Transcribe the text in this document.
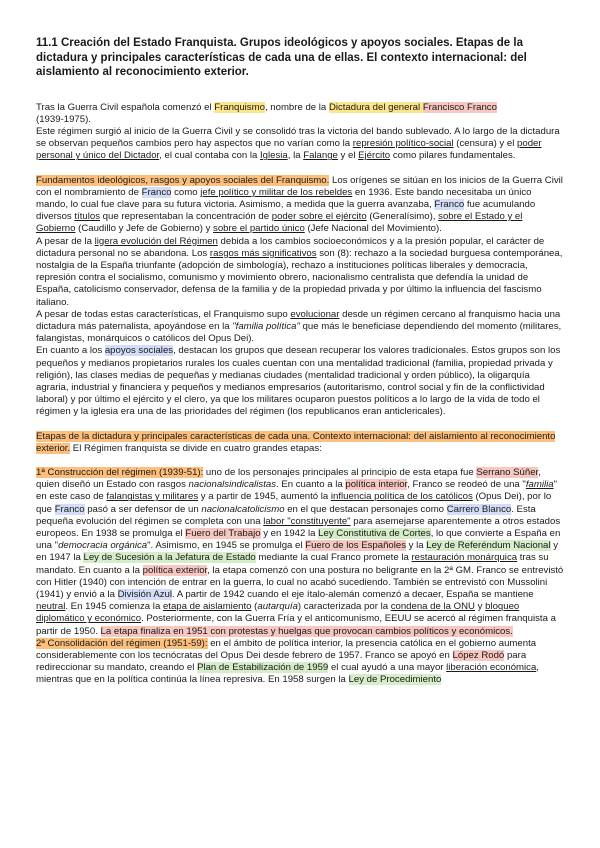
11.1 Creación del Estado Franquista. Grupos ideológicos y apoyos sociales. Etapas de la dictadura y principales características de cada una de ellas. El contexto internacional: del aislamiento al reconocimiento exterior.

Tras la Guerra Civil española comenzó el Franquismo, nombre de la Dictadura del general Francisco Franco
(1939-1975).
Este régimen surgió al inicio de la Guerra Civil y se consolidó tras la victoria del bando sublevado. A lo largo de la dictadura se observan pequeños cambios pero hay aspectos que no varían como la represión político-social (censura) y el poder personal y único del Dictador, el cual contaba con la Iglesia, la Falange y el Ejército como pilares fundamentales.

Fundamentos ideológicos, rasgos y apoyos sociales del Franquismo. Los orígenes se sitúan en los inicios de la Guerra Civil con el nombramiento de Franco como jefe político y militar de los rebeldes en 1936. Este bando necesitaba un único mando, lo cual fue clave para su futura victoria. Asimismo, a medida que la guerra avanzaba, Franco fue acumulando diversos títulos que representaban la concentración de poder sobre el ejército (Generalísimo), sobre el Estado y el Gobierno (Caudillo y Jefe de Gobierno) y sobre el partido único (Jefe Nacional del Movimiento).
A pesar de la ligera evolución del Régimen debida a los cambios socioeconómicos y a la presión popular, el carácter de dictadura personal no se abandona. Los rasgos más significativos son (8): rechazo a la sociedad burguesa contemporánea, nostalgia de la España triunfante (adopción de simbología), rechazo a instituciones políticas liberales y democracia, represión contra el socialismo, comunismo y movimiento obrero, nacionalismo centralista que defendía la unidad de España, catolicismo conservador, defensa de la familia y de la propiedad privada y por último la influencia del fascismo italiano.
A pesar de todas estas características, el Franquismo supo evolucionar desde un régimen cercano al franquismo hacia una dictadura más paternalista, apoyándose en la "familia política" que más le beneficiase dependiendo del momento (militares, falangistas, monárquicos o católicos del Opus Dei).
En cuanto a los apoyos sociales, destacan los grupos que desean recuperar los valores tradicionales. Estos grupos son los pequeños y medianos propietarios rurales los cuales cuentan con una mentalidad tradicional (familia, propiedad privada y religión), las clases medias de pequeñas y medianas ciudades (mentalidad tradicional y orden público), la oligarquía agraria, industrial y financiera y pequeños y medianos empresarios (autoritarismo, control social y fin de la conflictividad laboral) y por último el ejército y el clero, ya que los militares ocuparon puestos políticos a lo largo de la vida de todo el régimen y la iglesia era una de las prioridades del régimen (los republicanos eran anticlericales).

Etapas de la dictadura y principales características de cada una. Contexto internacional: del aislamiento al reconocimiento exterior. El Régimen franquista se divide en cuatro grandes etapas:

1ª Construcción del régimen (1939-51): uno de los personajes principales al principio de esta etapa fue Serrano Súñer, quien diseñó un Estado con rasgos nacionalsindicalistas. En cuanto a la política interior, Franco se reodeó de una "familia" en este caso de falangistas y militares y a partir de 1945, aumentó la influencia política de los católicos (Opus Dei), por lo que Franco pasó a ser defensor de un nacionalcatolicismo en el que destacan personajes como Carrero Blanco. Esta pequeña evolución del régimen se completa con una labor "constituyente" para asemejarse aparentemente a otros estados europeos. En 1938 se promulga el Fuero del Trabajo y en 1942 la Ley Constitutiva de Cortes, lo que convierte a España en una "democracia orgánica". Asimismo, en 1945 se promulga el Fuero de los Españoles y la Ley de Referéndum Nacional y en 1947 la Ley de Sucesión a la Jefatura de Estado mediante la cual Franco promete la restauración monárquica tras su mandato. En cuanto a la política exterior, la etapa comenzó con una postura no beligrante en la 2ª GM. Franco se entrevistó con Hitler (1940) con intención de entrar en la guerra, lo cual no acabó sucediendo. También se entrevistó con Mussolini (1941) y envió a la División Azul. A partir de 1942 cuando el eje ítalo-alemán comenzó a decaer, España se mantiene neutral. En 1945 comienza la etapa de aislamiento (autarquía) caracterizada por la condena de la ONU y bloqueo diplomático y económico. Posteriormente, con la Guerra Fría y el anticomunismo, EEUU se acercó al régimen franquista a partir de 1950. La etapa finaliza en 1951 con protestas y huelgas que provocan cambios políticos y económicos.

2ª Consolidación del régimen (1951-59): en el ámbito de política interior, la presencia católica en el gobierno aumenta considerablemente con los tecnócratas del Opus Dei desde febrero de 1957. Franco se apoyó en López Rodó para redireccionar su mandato, creando el Plan de Estabilización de 1959 el cual ayudó a una mayor liberación económica, mientras que en la política continúa la línea represiva. En 1958 surgen la Ley de Procedimiento
